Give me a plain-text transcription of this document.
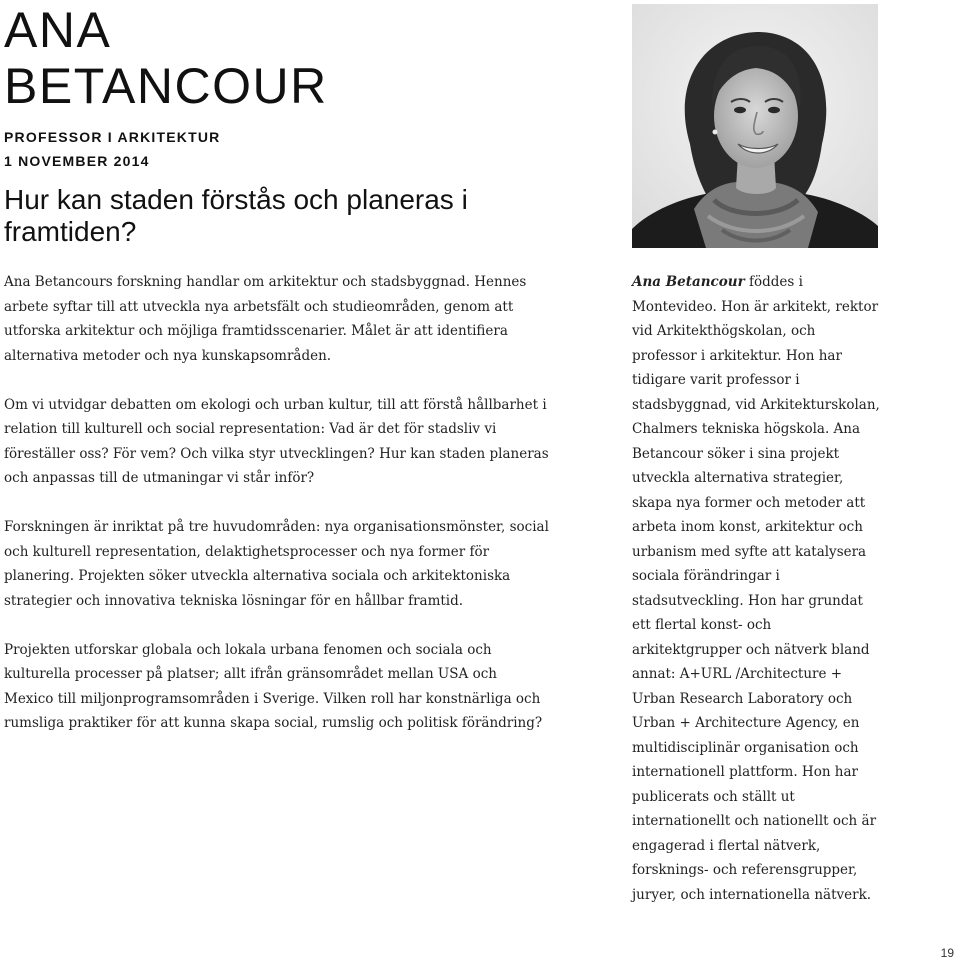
ANA
BETANCOUR
PROFESSOR I ARKITEKTUR
1 NOVEMBER 2014
Hur kan staden förstås och planeras i framtiden?

Ana Betancours forskning handlar om arkitektur och stadsbyggnad. Hennes arbete syftar till att utveckla nya arbetsfält och studieområden, genom att utforska arkitektur och möjliga framtidsscenarier. Målet är att identifiera alternativa metoder och nya kunskapsområden.

Om vi utvidgar debatten om ekologi och urban kultur, till att förstå hållbarhet i relation till kulturell och social representation: Vad är det för stadsliv vi föreställer oss? För vem? Och vilka styr utvecklingen? Hur kan staden planeras och anpassas till de utmaningar vi står inför?

Forskningen är inriktat på tre huvudområden: nya organisationsmönster, social och kulturell representation, delaktighetsprocesser och nya former för planering. Projekten söker utveckla alternativa sociala och arkitektoniska strategier och innovativa tekniska lösningar för en hållbar framtid.

Projekten utforskar globala och lokala urbana fenomen och sociala och kulturella processer på platser; allt ifrån gränsområdet mellan USA och Mexico till miljonprogramsområden i Sverige. Vilken roll har konstnärliga och rumsliga praktiker för att kunna skapa social, rumslig och politisk förändring?

Ana Betancour föddes i Montevideo. Hon är arkitekt, rektor vid Arkitekthögskolan, och professor i arkitektur. Hon har tidigare varit professor i stadsbyggnad, vid Arkitekturskolan, Chalmers tekniska högskola. Ana Betancour söker i sina projekt utveckla alternativa strategier, skapa nya former och metoder att arbeta inom konst, arkitektur och urbanism med syfte att katalysera sociala förändringar i stadsutveckling. Hon har grundat ett flertal konst- och arkitektgrupper och nätverk bland annat: A+URL /Architecture + Urban Research Laboratory och Urban + Architecture Agency, en multidisciplinär organisation och internationell plattform. Hon har publicerats och ställt ut internationellt och nationellt och är engagerad i flertal nätverk, forsknings- och referensgrupper, juryer, och internationella nätverk.

19
